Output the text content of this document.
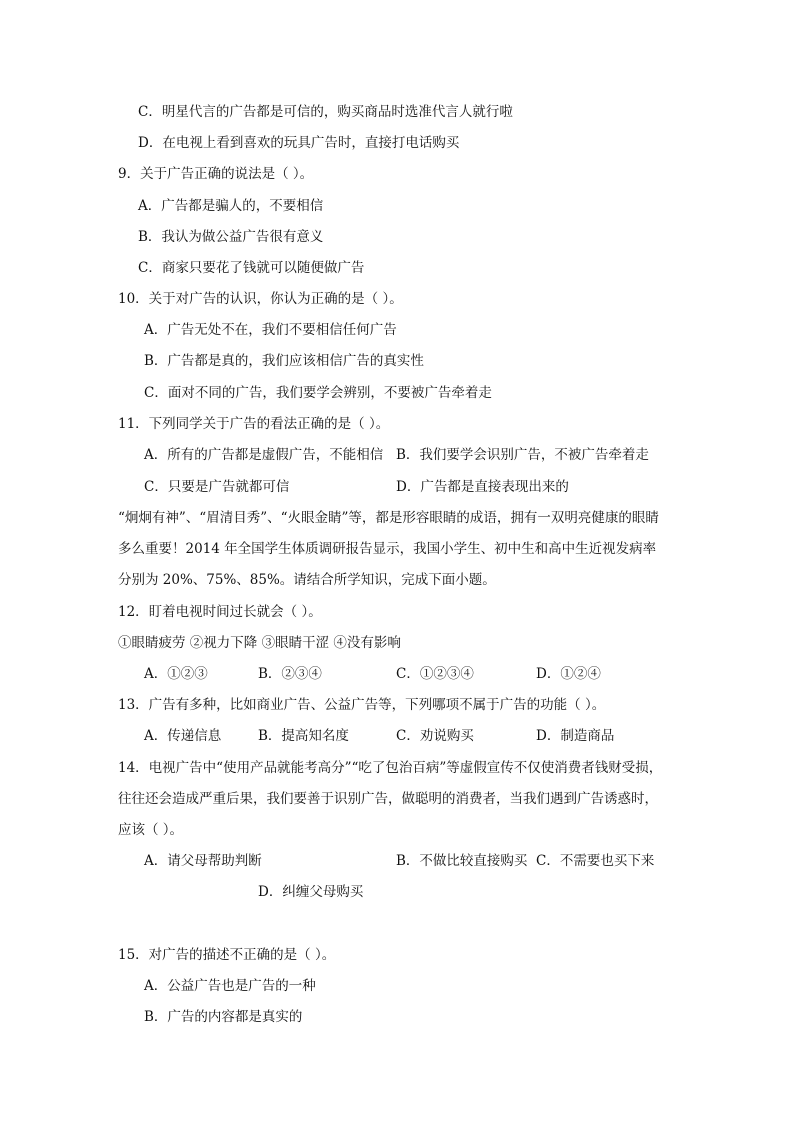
C．明星代言的广告都是可信的，购买商品时选准代言人就行啦

D．在电视上看到喜欢的玩具广告时，直接打电话购买

9．关于广告正确的说法是（ ）。

A．广告都是骗人的，不要相信

B．我认为做公益广告很有意义

C．商家只要花了钱就可以随便做广告

10．关于对广告的认识，你认为正确的是（ ）。

A．广告无处不在，我们不要相信任何广告

B．广告都是真的，我们应该相信广告的真实性

C．面对不同的广告，我们要学会辨别，不要被广告牵着走

11．下列同学关于广告的看法正确的是（ ）。

A．所有的广告都是虚假广告，不能相信 B．我们要学会识别广告，不被广告牵着走

C．只要是广告就都可信	D．广告都是直接表现出来的

“炯炯有神”、“眉清目秀”、“火眼金睛”等，都是形容眼睛的成语，拥有一双明亮健康的眼睛

多么重要！2014 年全国学生体质调研报告显示，我国小学生、初中生和高中生近视发病率

分别为 20%、75%、85%。请结合所学知识，完成下面小题。

12．盯着电视时间过长就会（ ）。

①眼睛疲劳 ②视力下降 ③眼睛干涩 ④没有影响

A．①②③	B．②③④	C．①②③④	D．①②④

13．广告有多种，比如商业广告、公益广告等，下列哪项不属于广告的功能（ ）。

A．传递信息	B．提高知名度	C．劝说购买	D．制造商品

14．电视广告中“使用产品就能考高分”“吃了包治百病”等虚假宣传不仅使消费者钱财受损，

往往还会造成严重后果，我们要善于识别广告，做聪明的消费者，当我们遇到广告诱惑时，

应该（ ）。

A．请父母帮助判断	B．不做比较直接购买 C．不需要也买下来

D．纠缠父母购买

15．对广告的描述不正确的是（ ）。

A．公益广告也是广告的一种

B．广告的内容都是真实的
